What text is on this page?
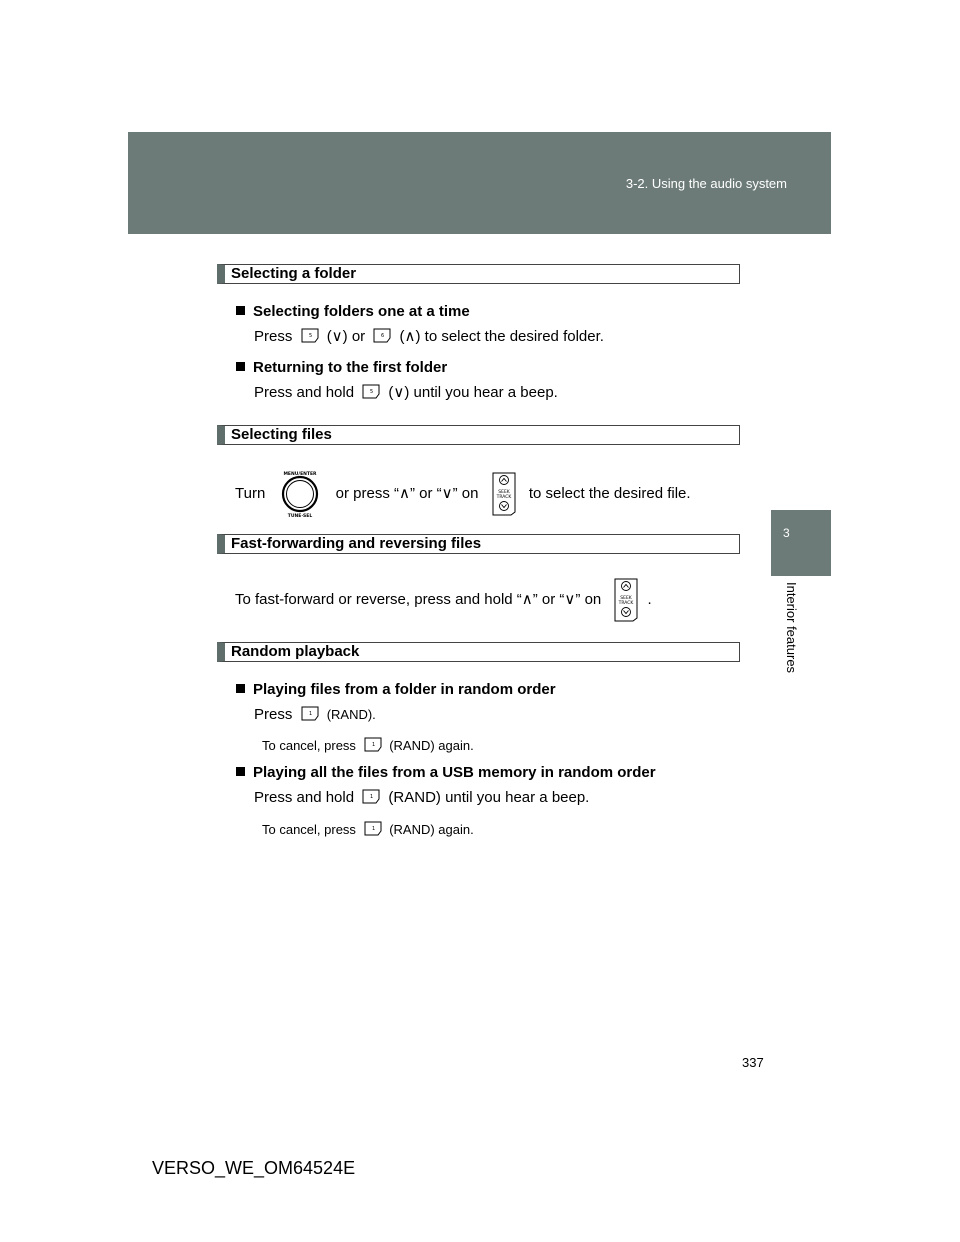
3-2. Using the audio system
3
Interior features
Selecting a folder
Selecting folders one at a time
Press	5 (∨) or	6 (∧) to select the desired folder.
Returning to the first folder
Press and hold	5 (∨) until you hear a beep.
Selecting files
Turn
MENU/ENTER
TUNE·SEL
or press “∧” or “∨” on	SEEK
TRACK to select the desired file.
Fast-forwarding and reversing files
To fast-forward or reverse, press and hold “∧” or “∨” on	SEEK
TRACK .
Random playback
Playing files from a folder in random order
Press	1 (RAND).
To cancel, press	1 (RAND) again.
Playing all the files from a USB memory in random order
Press and hold	1 (RAND) until you hear a beep.
To cancel, press	1 (RAND) again.
337
VERSO_WE_OM64524E
